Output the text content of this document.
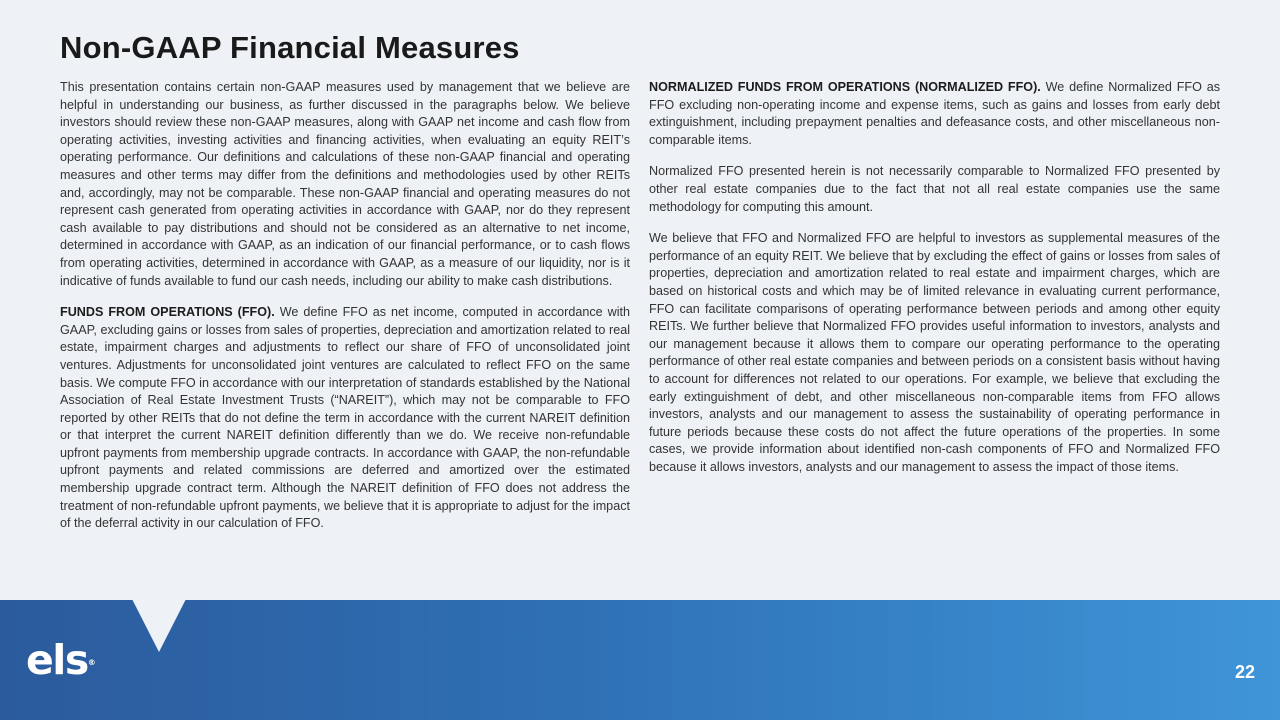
Non-GAAP Financial Measures

This presentation contains certain non-GAAP measures used by management that we believe are helpful in understanding our business, as further discussed in the paragraphs below. We believe investors should review these non-GAAP measures, along with GAAP net income and cash flow from operating activities, investing activities and financing activities, when evaluating an equity REIT’s operating performance. Our definitions and calculations of these non-GAAP financial and operating measures and other terms may differ from the definitions and methodologies used by other REITs and, accordingly, may not be comparable. These non-GAAP financial and operating measures do not represent cash generated from operating activities in accordance with GAAP, nor do they represent cash available to pay distributions and should not be considered as an alternative to net income, determined in accordance with GAAP, as an indication of our financial performance, or to cash flows from operating activities, determined in accordance with GAAP, as a measure of our liquidity, nor is it indicative of funds available to fund our cash needs, including our ability to make cash distributions.

FUNDS FROM OPERATIONS (FFO). We define FFO as net income, computed in accordance with GAAP, excluding gains or losses from sales of properties, depreciation and amortization related to real estate, impairment charges and adjustments to reflect our share of FFO of unconsolidated joint ventures. Adjustments for unconsolidated joint ventures are calculated to reflect FFO on the same basis. We compute FFO in accordance with our interpretation of standards established by the National Association of Real Estate Investment Trusts (“NAREIT”), which may not be comparable to FFO reported by other REITs that do not define the term in accordance with the current NAREIT definition or that interpret the current NAREIT definition differently than we do. We receive non-refundable upfront payments from membership upgrade contracts. In accordance with GAAP, the non-refundable upfront payments and related commissions are deferred and amortized over the estimated membership upgrade contract term. Although the NAREIT definition of FFO does not address the treatment of non-refundable upfront payments, we believe that it is appropriate to adjust for the impact of the deferral activity in our calculation of FFO.

NORMALIZED FUNDS FROM OPERATIONS (NORMALIZED FFO). We define Normalized FFO as FFO excluding non-operating income and expense items, such as gains and losses from early debt extinguishment, including prepayment penalties and defeasance costs, and other miscellaneous non-comparable items.

Normalized FFO presented herein is not necessarily comparable to Normalized FFO presented by other real estate companies due to the fact that not all real estate companies use the same methodology for computing this amount.

We believe that FFO and Normalized FFO are helpful to investors as supplemental measures of the performance of an equity REIT. We believe that by excluding the effect of gains or losses from sales of properties, depreciation and amortization related to real estate and impairment charges, which are based on historical costs and which may be of limited relevance in evaluating current performance, FFO can facilitate comparisons of operating performance between periods and among other equity REITs. We further believe that Normalized FFO provides useful information to investors, analysts and our management because it allows them to compare our operating performance to the operating performance of other real estate companies and between periods on a consistent basis without having to account for differences not related to our operations. For example, we believe that excluding the early extinguishment of debt, and other miscellaneous non-comparable items from FFO allows investors, analysts and our management to assess the sustainability of operating performance in future periods because these costs do not affect the future operations of the properties. In some cases, we provide information about identified non-cash components of FFO and Normalized FFO because it allows investors, analysts and our management to assess the impact of those items.

els®	22
